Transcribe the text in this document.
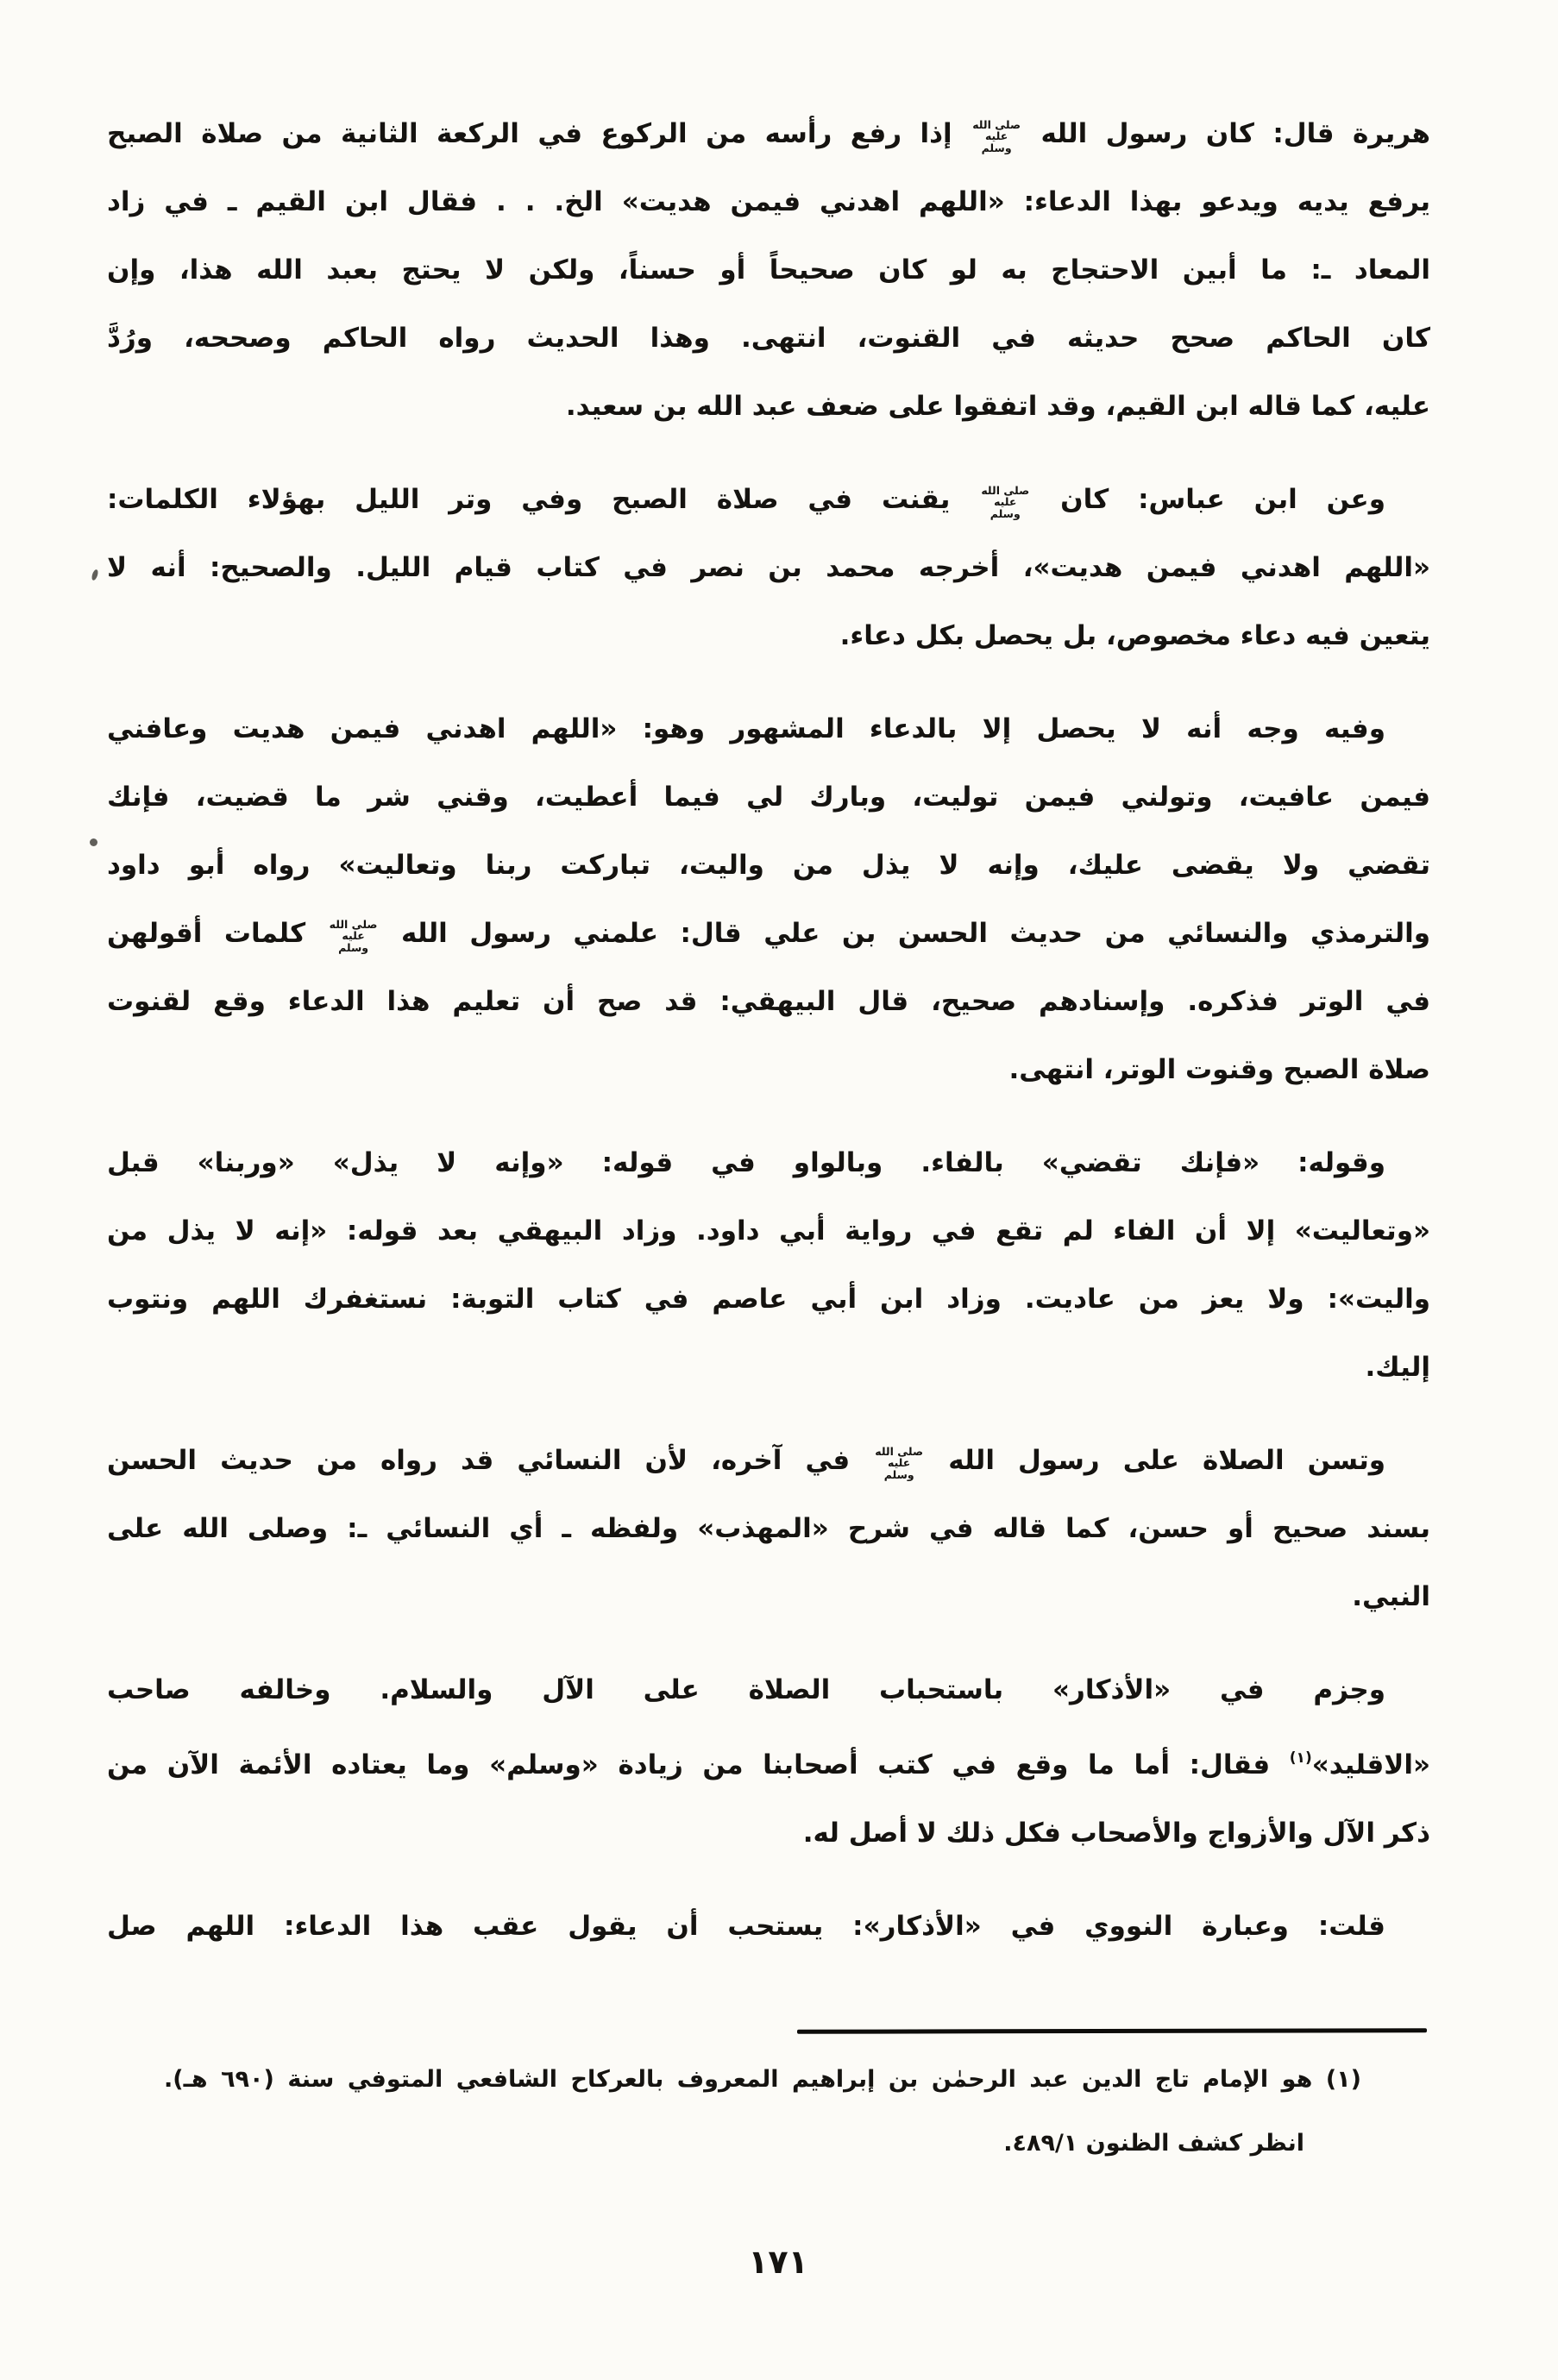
هريرة قال: كان رسول الله صلى الله عليه وسلم إذا رفع رأسه من الركوع في الركعة الثانية من صلاة الصبح
يرفع يديه ويدعو بهذا الدعاء: «اللهم اهدني فيمن هديت» الخ. . . فقال ابن القيم ـ في زاد
المعاد ـ: ما أبين الاحتجاج به لو كان صحيحاً أو حسناً، ولكن لا يحتج بعبد الله هذا، وإن
كان الحاكم صحح حديثه في القنوت، انتهى. وهذا الحديث رواه الحاكم وصححه، ورُدَّ
عليه، كما قاله ابن القيم، وقد اتفقوا على ضعف عبد الله بن سعيد.
وعن ابن عباس: كان صلى الله عليه وسلم يقنت في صلاة الصبح وفي وتر الليل بهؤلاء الكلمات:
«اللهم اهدني فيمن هديت»، أخرجه محمد بن نصر في كتاب قيام الليل. والصحيح: أنه لا
يتعين فيه دعاء مخصوص، بل يحصل بكل دعاء.
وفيه وجه أنه لا يحصل إلا بالدعاء المشهور وهو: «اللهم اهدني فيمن هديت وعافني
فيمن عافيت، وتولني فيمن توليت، وبارك لي فيما أعطيت، وقني شر ما قضيت، فإنك
تقضي ولا يقضى عليك، وإنه لا يذل من واليت، تباركت ربنا وتعاليت» رواه أبو داود
والترمذي والنسائي من حديث الحسن بن علي قال: علمني رسول الله صلى الله عليه وسلم كلمات أقولهن
في الوتر فذكره. وإسنادهم صحيح، قال البيهقي: قد صح أن تعليم هذا الدعاء وقع لقنوت
صلاة الصبح وقنوت الوتر، انتهى.
وقوله: «فإنك تقضي» بالفاء. وبالواو في قوله: «وإنه لا يذل» «وربنا» قبل
«وتعاليت» إلا أن الفاء لم تقع في رواية أبي داود. وزاد البيهقي بعد قوله: «إنه لا يذل من
واليت»: ولا يعز من عاديت. وزاد ابن أبي عاصم في كتاب التوبة: نستغفرك اللهم ونتوب
إليك.
وتسن الصلاة على رسول الله صلى الله عليه وسلم في آخره، لأن النسائي قد رواه من حديث الحسن
بسند صحيح أو حسن، كما قاله في شرح «المهذب» ولفظه ـ أي النسائي ـ: وصلى الله على
النبي.
وجزم في «الأذكار» باستحباب الصلاة على الآل والسلام. وخالفه صاحب
«الاقليد»$^{(١)}$ فقال: أما ما وقع في كتب أصحابنا من زيادة «وسلم» وما يعتاده الأئمة الآن من
ذكر الآل والأزواج والأصحاب فكل ذلك لا أصل له.
قلت: وعبارة النووي في «الأذكار»: يستحب أن يقول عقب هذا الدعاء: اللهم صل
(١) هو الإمام تاج الدين عبد الرحمٰن بن إبراهيم المعروف بالعركاح الشافعي المتوفي سنة (٦٩٠ هـ).
انظر كشف الظنون ٤٨٩/١.
١٧١
